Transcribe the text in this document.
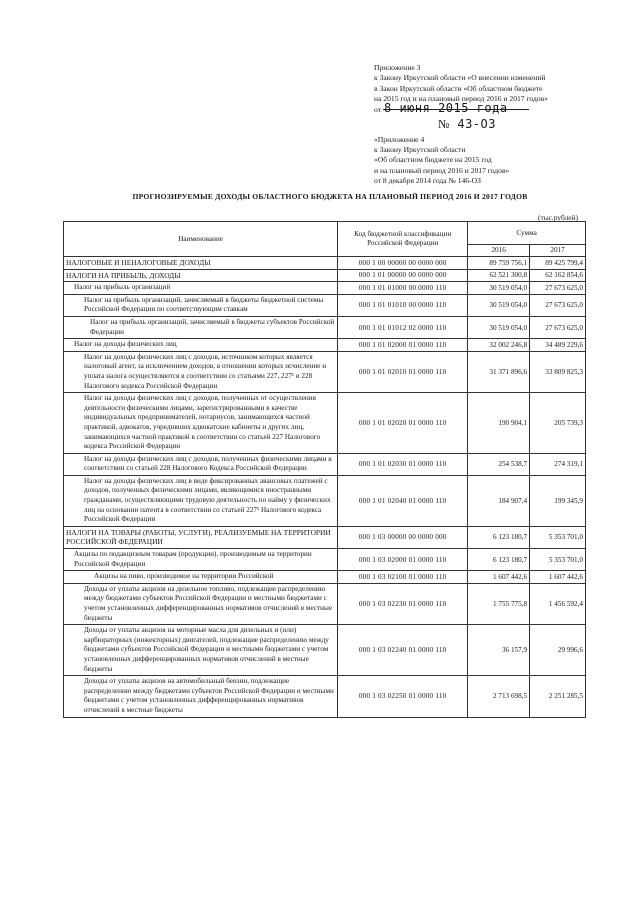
Приложение 3
к Закону Иркутской области «О внесении изменений
в Закон Иркутской области «Об областном бюджете
на 2015 год и на плановый период 2016 и 2017 годов»
от 8 июня 2015 года
№ 43-ОЗ
«Приложение 4
к Закону Иркутской области
«Об областном бюджете на 2015 год
и на плановый период 2016 и 2017 годов»
от 8 декабря 2014 года № 146-ОЗ
ПРОГНОЗИРУЕМЫЕ ДОХОДЫ ОБЛАСТНОГО БЮДЖЕТА НА ПЛАНОВЫЙ ПЕРИОД 2016 И 2017 ГОДОВ
(тыс.рублей)
Наименование	Код бюджетной классификации Российской Федерации	Сумма	
		2016	2017
НАЛОГОВЫЕ И НЕНАЛОГОВЫЕ ДОХОДЫ	000 1 00 00000 00 0000 000	89 759 756,1	89 425 799,4
НАЛОГИ НА ПРИБЫЛЬ, ДОХОДЫ	000 1 01 00000 00 0000 000	62 521 300,8	62 162 854,6
Налог на прибыль организаций	000 1 01 01000 00 0000 110	30 519 054,0	27 673 625,0
Налог на прибыль организаций, зачисляемый в бюджеты бюджетной системы Российской Федерации по соответствующим ставкам	000 1 01 01010 00 0000 110	30 519 054,0	27 673 625,0
Налог на прибыль организаций, зачисляемый в бюджеты субъектов Российской Федерации	000 1 01 01012 02 0000 110	30 519 054,0	27 673 625,0
Налог на доходы физических лиц	000 1 01 02000 01 0000 110	32 002 246,8	34 489 229,6
Налог на доходы физических лиц с доходов, источником которых является налоговый агент, за исключением доходов, в отношении которых исчисление и уплата налога осуществляются в соответствии со статьями 227, 227¹ и 228 Налогового кодекса Российской Федерации	000 1 01 02010 01 0000 110	31 371 896,6	33 809 825,3
Налог на доходы физических лиц с доходов, полученных от осуществления деятельности физическими лицами, зарегистрированными в качестве индивидуальных предпринимателей, нотариусов, занимающихся частной практикой, адвокатов, учредивших адвокатские кабинеты и других лиц, занимающихся частной практикой в соответствии со статьей 227 Налогового кодекса Российской Федерации	000 1 01 02020 01 0000 110	190 904,1	205 739,3
Налог на доходы физических лиц с доходов, полученных физическими лицами в соответствии со статьей 228 Налогового Кодекса Российской Федерации	000 1 01 02030 01 0000 110	254 538,7	274 319,1
Налог на доходы физических лиц в виде фиксированных авансовых платежей с доходов, полученных физическими лицами, являющимися иностранными гражданами, осуществляющими трудовую деятельность по найму у физических лиц на основании патента в соответствии со статьей 227¹ Налогового кодекса Российской Федерации	000 1 01 02040 01 0000 110	184 907,4	199 345,9
НАЛОГИ НА ТОВАРЫ (РАБОТЫ, УСЛУГИ), РЕАЛИЗУЕМЫЕ НА ТЕРРИТОРИИ РОССИЙСКОЙ ФЕДЕРАЦИИ	000 1 03 00000 00 0000 000	6 123 180,7	5 353 701,0
Акцизы по подакцизным товарам (продукции), производимым на территории Российской Федерации	000 1 03 02000 01 0000 110	6 123 180,7	5 353 701,0
Акцизы на пиво, производимое на территории Российской	000 1 03 02100 01 0000 110	1 607 442,6	1 607 442,6
Доходы от уплаты акцизов на дизельное топливо, подлежащие распределению между бюджетами субъектов Российской Федерации и местными бюджетами с учетом установленных дифференцированных нормативов отчислений в местные бюджеты	000 1 03 02230 01 0000 110	1 755 775,8	1 456 592,4
Доходы от уплаты акцизов на моторные масла для дизельных и (или) карбюраторных (инжекторных) двигателей, подлежащие распределению между бюджетами субъектов Российской Федерации и местными бюджетами с учетом установленных дифференцированных нормативов отчислений в местные бюджеты	000 1 03 02240 01 0000 110	36 157,9	29 996,6
Доходы от уплаты акцизов на автомобильный бензин, подлежащие распределению между бюджетами субъектов Российской Федерации и местными бюджетами с учетом установленных дифференцированных нормативов отчислений в местные бюджеты	000 1 03 02250 01 0000 110	2 713 698,5	2 251 285,5
